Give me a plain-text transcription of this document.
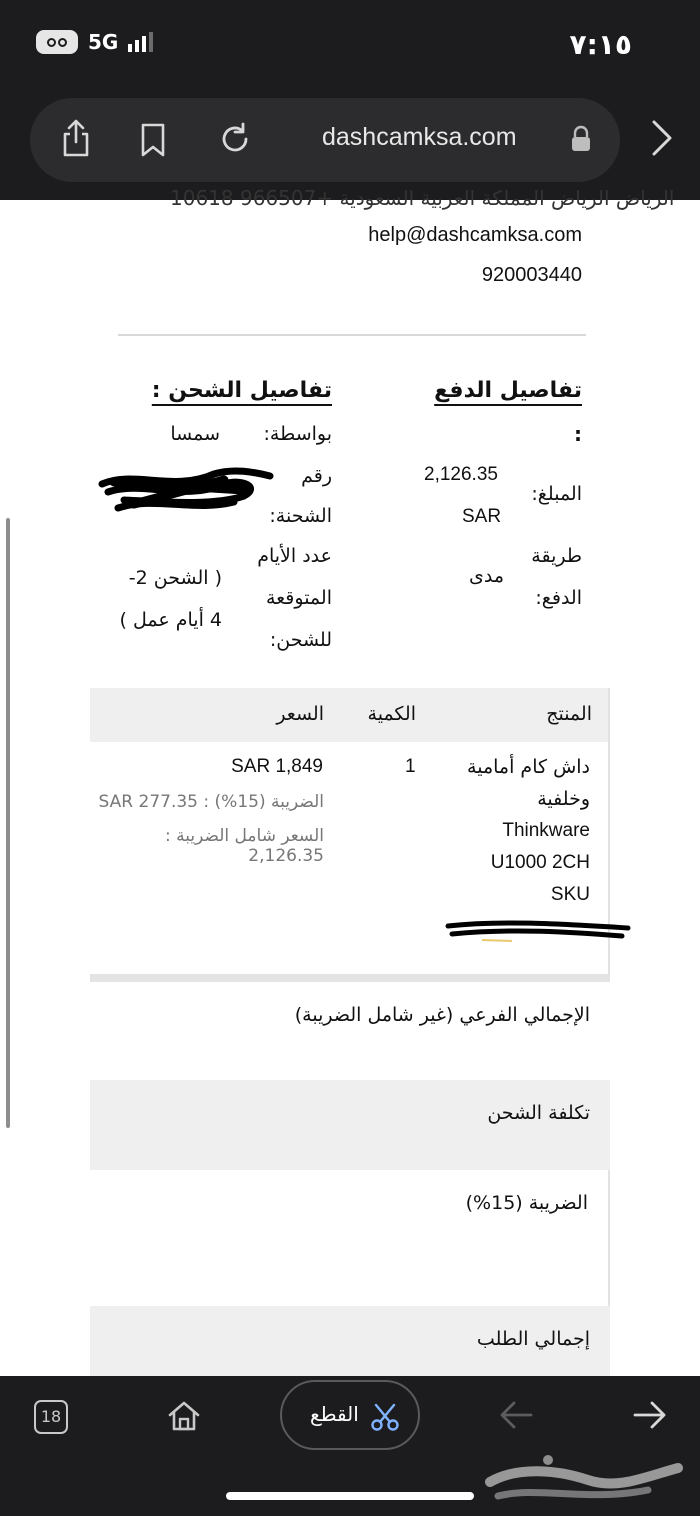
5G	٧:١٥
dashcamksa.com
الرياض الرياض المملكة العربية السعودية +966507 10618
help@dashcamksa.com
920003440
تفاصيل الدفع
:
المبلغ:
2,126.35
SAR
طريقة
الدفع:
مدى
تفاصيل الشحن :
بواسطة:
سمسا
رقم
الشحنة:
عدد الأيام
المتوقعة
للشحن:
( الشحن 2-
4 أيام عمل )
المنتج
الكمية
السعر
داش كام أمامية
وخلفية
Thinkware
U1000 2CH
SKU
1
SAR 1,849
الضريبة (15%) : SAR 277.35
السعر شامل الضريبة : 2,126.35
الإجمالي الفرعي (غير شامل الضريبة)
تكلفة الشحن
الضريبة (15%)
إجمالي الطلب
18	القطع
